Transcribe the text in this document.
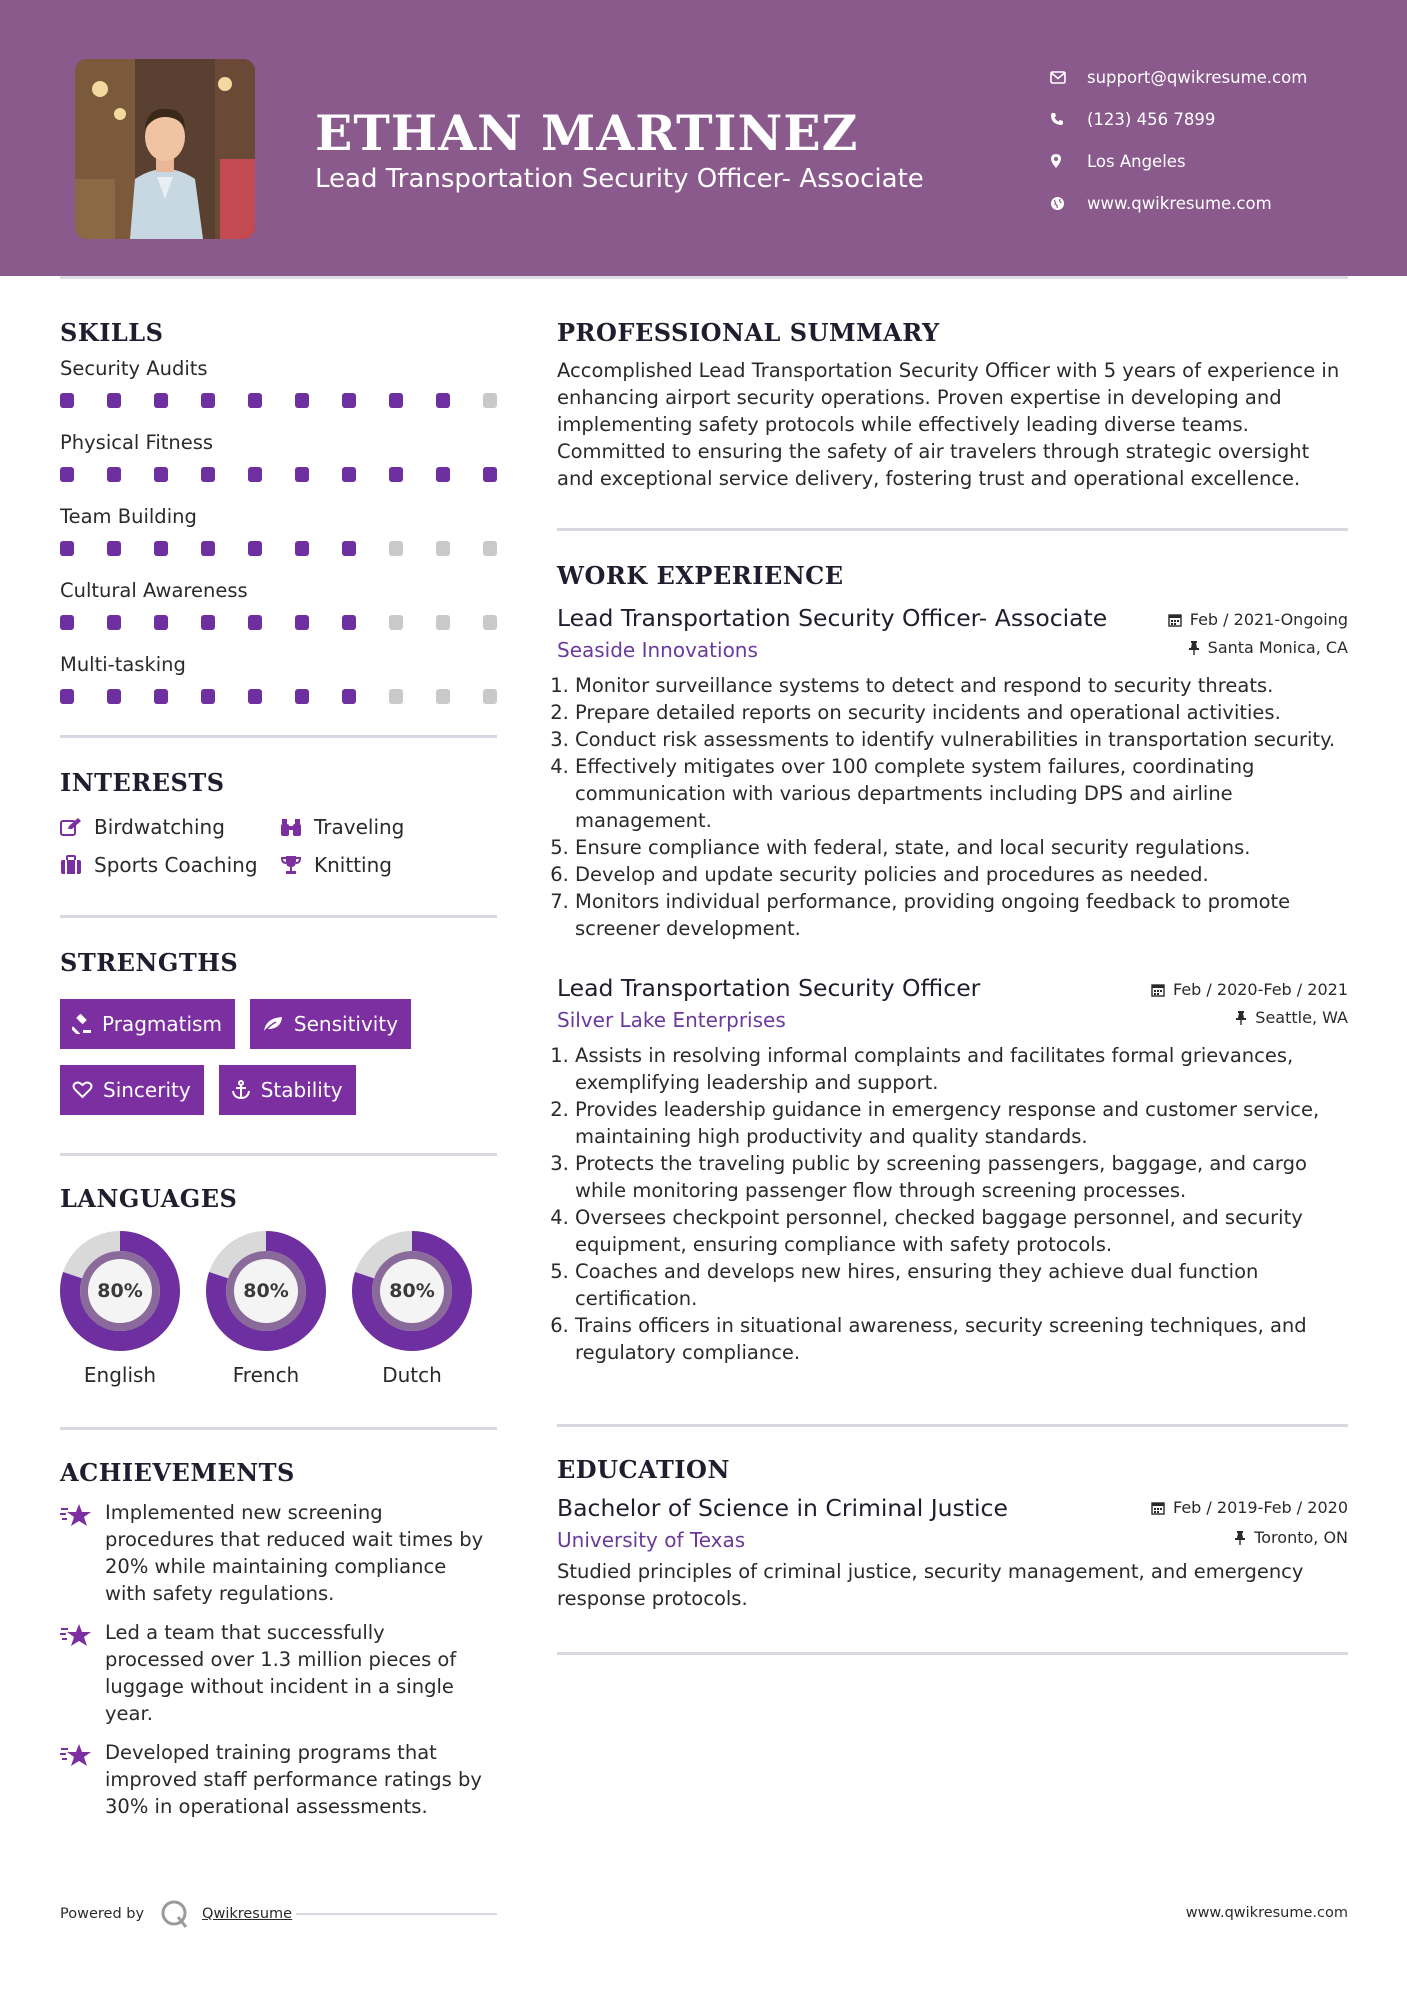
ETHAN MARTINEZ
Lead Transportation Security Officer- Associate
support@qwikresume.com
(123) 456 7899
Los Angeles
www.qwikresume.com
SKILLS
Security Audits
Physical Fitness
Team Building
Cultural Awareness
Multi-tasking
INTERESTS
Birdwatching	Traveling
Sports Coaching	Knitting
STRENGTHS
Pragmatism	Sensitivity
Sincerity	Stability
LANGUAGES
80%
English
80%
French
80%
Dutch
ACHIEVEMENTS
Implemented new screening procedures that reduced wait times by 20% while maintaining compliance with safety regulations.
Led a team that successfully processed over 1.3 million pieces of luggage without incident in a single year.
Developed training programs that improved staff performance ratings by 30% in operational assessments.
PROFESSIONAL SUMMARY
Accomplished Lead Transportation Security Officer with 5 years of experience in enhancing airport security operations. Proven expertise in developing and implementing safety protocols while effectively leading diverse teams. Committed to ensuring the safety of air travelers through strategic oversight and exceptional service delivery, fostering trust and operational excellence.
WORK EXPERIENCE
Lead Transportation Security Officer- Associate	Feb / 2021-Ongoing
Seaside Innovations	Santa Monica, CA
1. Monitor surveillance systems to detect and respond to security threats.
2. Prepare detailed reports on security incidents and operational activities.
3. Conduct risk assessments to identify vulnerabilities in transportation security.
4. Effectively mitigates over 100 complete system failures, coordinating communication with various departments including DPS and airline management.
5. Ensure compliance with federal, state, and local security regulations.
6. Develop and update security policies and procedures as needed.
7. Monitors individual performance, providing ongoing feedback to promote screener development.
Lead Transportation Security Officer	Feb / 2020-Feb / 2021
Silver Lake Enterprises	Seattle, WA
1. Assists in resolving informal complaints and facilitates formal grievances, exemplifying leadership and support.
2. Provides leadership guidance in emergency response and customer service, maintaining high productivity and quality standards.
3. Protects the traveling public by screening passengers, baggage, and cargo while monitoring passenger flow through screening processes.
4. Oversees checkpoint personnel, checked baggage personnel, and security equipment, ensuring compliance with safety protocols.
5. Coaches and develops new hires, ensuring they achieve dual function certification.
6. Trains officers in situational awareness, security screening techniques, and regulatory compliance.
EDUCATION
Bachelor of Science in Criminal Justice	Feb / 2019-Feb / 2020
University of Texas	Toronto, ON
Studied principles of criminal justice, security management, and emergency response protocols.
Powered by	Qwikresume	www.qwikresume.com
